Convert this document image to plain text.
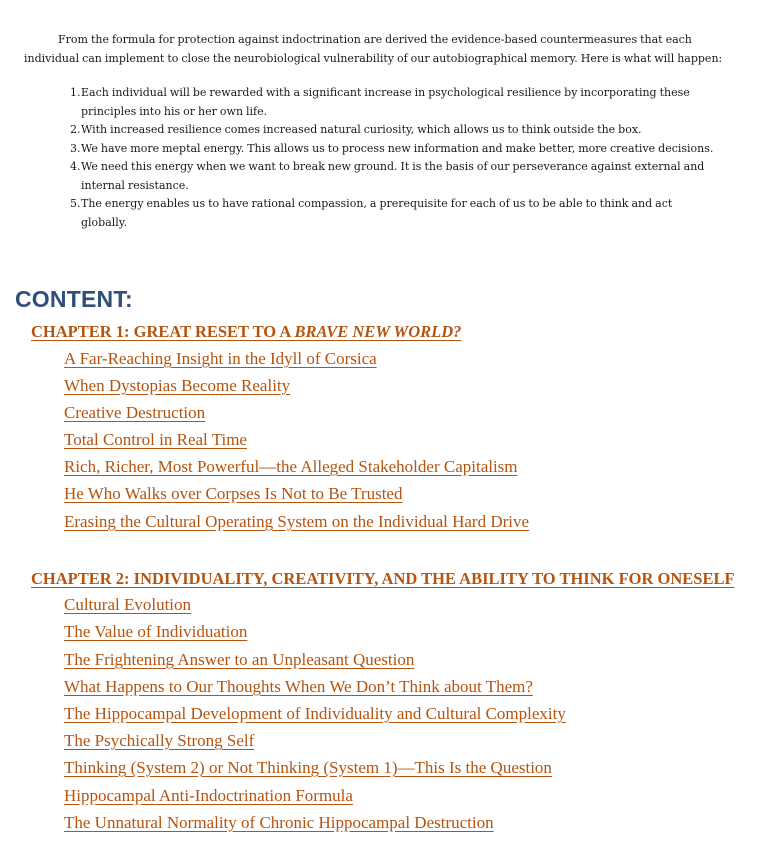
From the formula for protection against indoctrination are derived the evidence-based countermeasures that each individual can implement to close the neurobiological vulnerability of our autobiographical memory. Here is what will happen:

1. Each individual will be rewarded with a significant increase in psychological resilience by incorporating these principles into his or her own life.
2. With increased resilience comes increased natural curiosity, which allows us to think outside the box.
3. We have more meptal energy. This allows us to process new information and make better, more creative decisions.
4. We need this energy when we want to break new ground. It is the basis of our perseverance against external and internal resistance.
5. The energy enables us to have rational compassion, a prerequisite for each of us to be able to think and act globally.
CONTENT:
CHAPTER 1: GREAT RESET TO A BRAVE NEW WORLD?
A Far-Reaching Insight in the Idyll of Corsica
When Dystopias Become Reality
Creative Destruction
Total Control in Real Time
Rich, Richer, Most Powerful—the Alleged Stakeholder Capitalism
He Who Walks over Corpses Is Not to Be Trusted
Erasing the Cultural Operating System on the Individual Hard Drive
CHAPTER 2: INDIVIDUALITY, CREATIVITY, AND THE ABILITY TO THINK FOR ONESELF
Cultural Evolution
The Value of Individuation
The Frightening Answer to an Unpleasant Question
What Happens to Our Thoughts When We Don’t Think about Them?
The Hippocampal Development of Individuality and Cultural Complexity
The Psychically Strong Self
Thinking (System 2) or Not Thinking (System 1)—This Is the Question
Hippocampal Anti-Indoctrination Formula
The Unnatural Normality of Chronic Hippocampal Destruction
